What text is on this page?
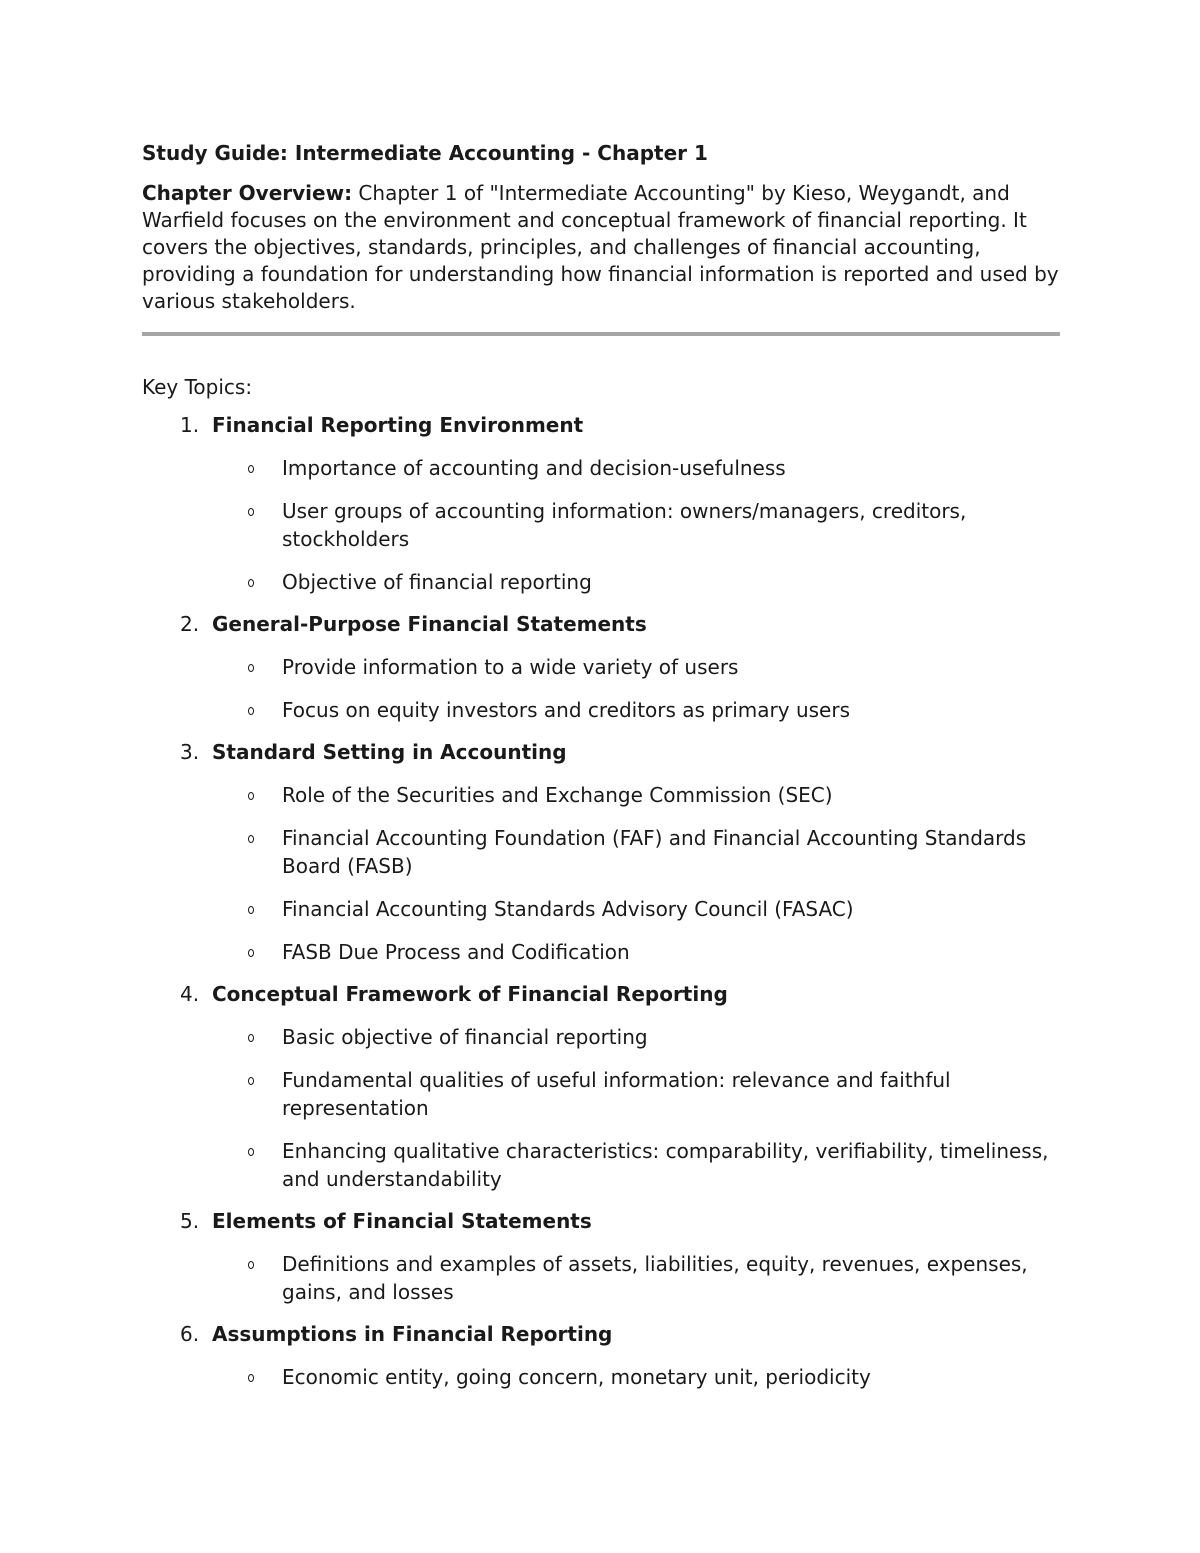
Study Guide: Intermediate Accounting - Chapter 1

Chapter Overview: Chapter 1 of "Intermediate Accounting" by Kieso, Weygandt, and Warfield focuses on the environment and conceptual framework of financial reporting. It covers the objectives, standards, principles, and challenges of financial accounting, providing a foundation for understanding how financial information is reported and used by various stakeholders.

Key Topics:
1. Financial Reporting Environment
Importance of accounting and decision-usefulness
User groups of accounting information: owners/managers, creditors, stockholders
Objective of financial reporting
2. General-Purpose Financial Statements
Provide information to a wide variety of users
Focus on equity investors and creditors as primary users
3. Standard Setting in Accounting
Role of the Securities and Exchange Commission (SEC)
Financial Accounting Foundation (FAF) and Financial Accounting Standards Board (FASB)
Financial Accounting Standards Advisory Council (FASAC)
FASB Due Process and Codification
4. Conceptual Framework of Financial Reporting
Basic objective of financial reporting
Fundamental qualities of useful information: relevance and faithful representation
Enhancing qualitative characteristics: comparability, verifiability, timeliness, and understandability
5. Elements of Financial Statements
Definitions and examples of assets, liabilities, equity, revenues, expenses, gains, and losses
6. Assumptions in Financial Reporting
Economic entity, going concern, monetary unit, periodicity
